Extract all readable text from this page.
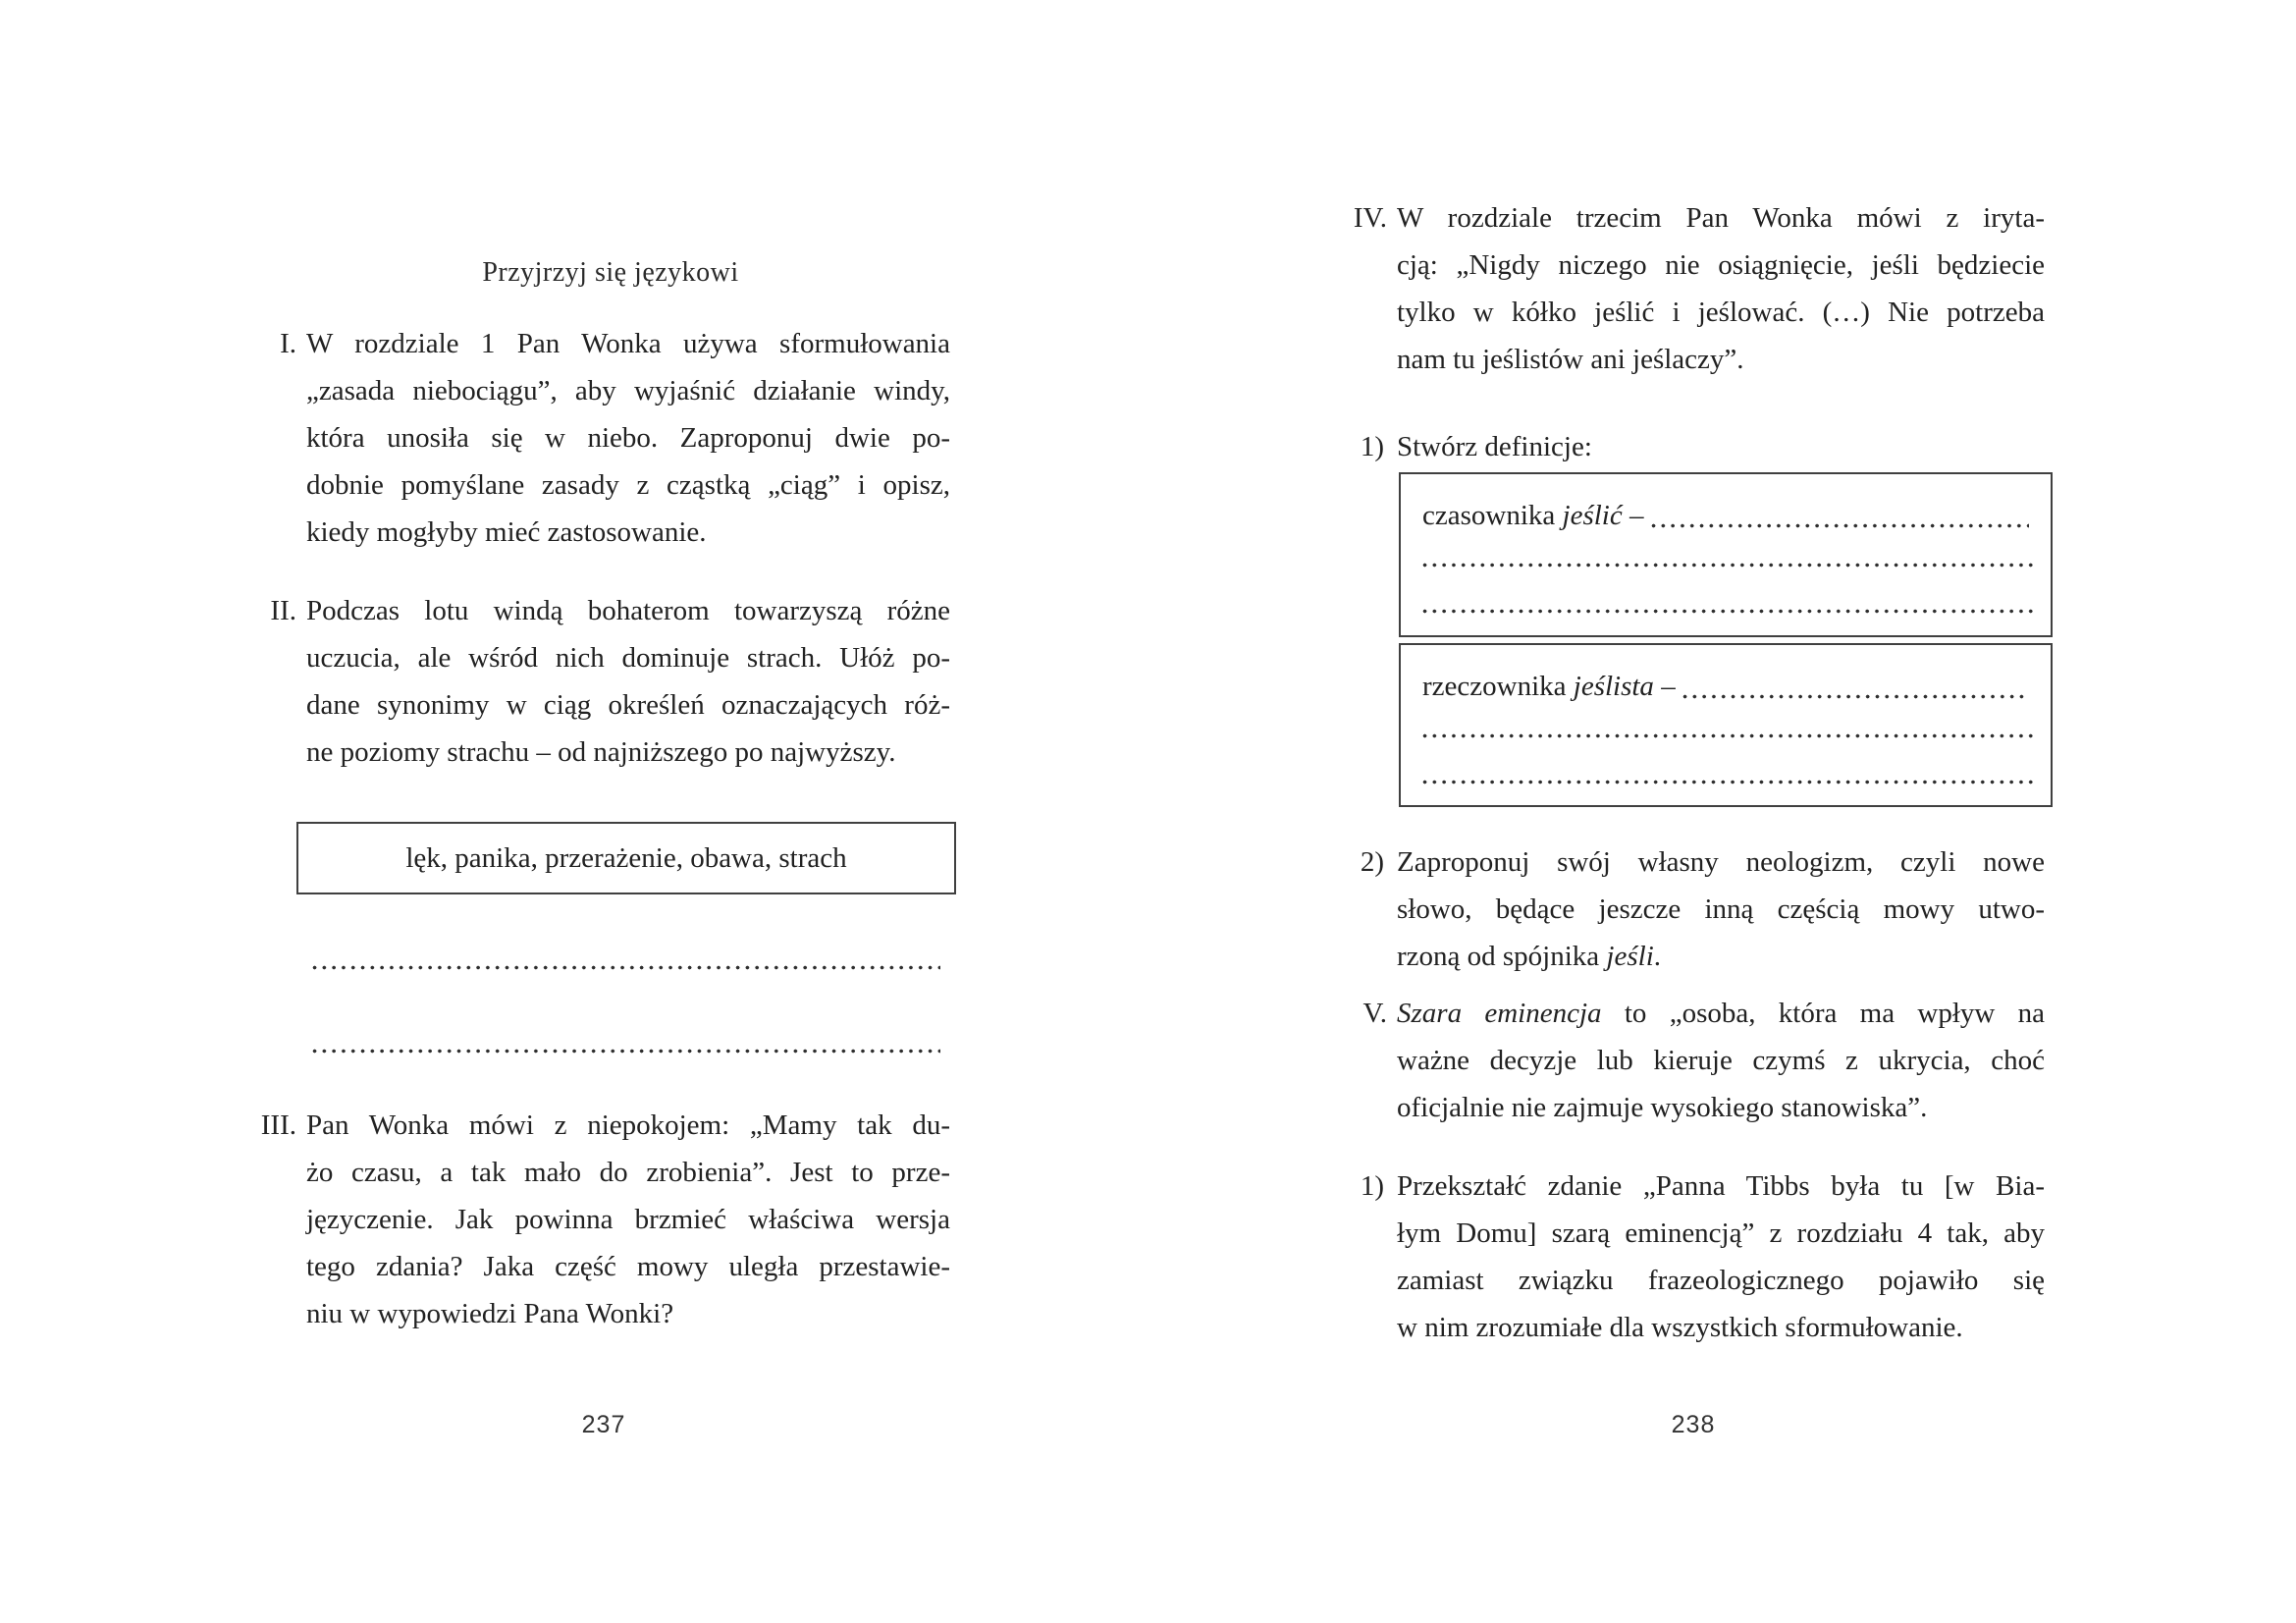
Przyjrzyj się językowi
I. W rozdziale 1 Pan Wonka używa sformułowania
„zasada niebociągu”, aby wyjaśnić działanie windy,
która unosiła się w niebo. Zaproponuj dwie po-
dobnie pomyślane zasady z cząstką „ciąg” i opisz,
kiedy mogłyby mieć zastosowanie.
II. Podczas lotu windą bohaterom towarzyszą różne
uczucia, ale wśród nich dominuje strach. Ułóż po-
dane synonimy w ciąg określeń oznaczających róż-
ne poziomy strachu – od najniższego po najwyższy.
lęk, panika, przerażenie, obawa, strach
III. Pan Wonka mówi z niepokojem: „Mamy tak du-
żo czasu, a tak mało do zrobienia”. Jest to prze-
języczenie. Jak powinna brzmieć właściwa wersja
tego zdania? Jaka część mowy uległa przestawie-
niu w wypowiedzi Pana Wonki?
237
IV. W rozdziale trzecim Pan Wonka mówi z iryta-
cją: „Nigdy niczego nie osiągnięcie, jeśli będziecie
tylko w kółko jeślić i jeślować. (…) Nie potrzeba
nam tu jeślistów ani jeślaczy”.
1) Stwórz definicje:
czasownika jeślić –
rzeczownika jeślista –
2) Zaproponuj swój własny neologizm, czyli nowe
słowo, będące jeszcze inną częścią mowy utwo-
rzoną od spójnika jeśli.
V. Szara eminencja to „osoba, która ma wpływ na
ważne decyzje lub kieruje czymś z ukrycia, choć
oficjalnie nie zajmuje wysokiego stanowiska”.
1) Przekształć zdanie „Panna Tibbs była tu [w Bia-
łym Domu] szarą eminencją” z rozdziału 4 tak, aby
zamiast związku frazeologicznego pojawiło się
w nim zrozumiałe dla wszystkich sformułowanie.
238
